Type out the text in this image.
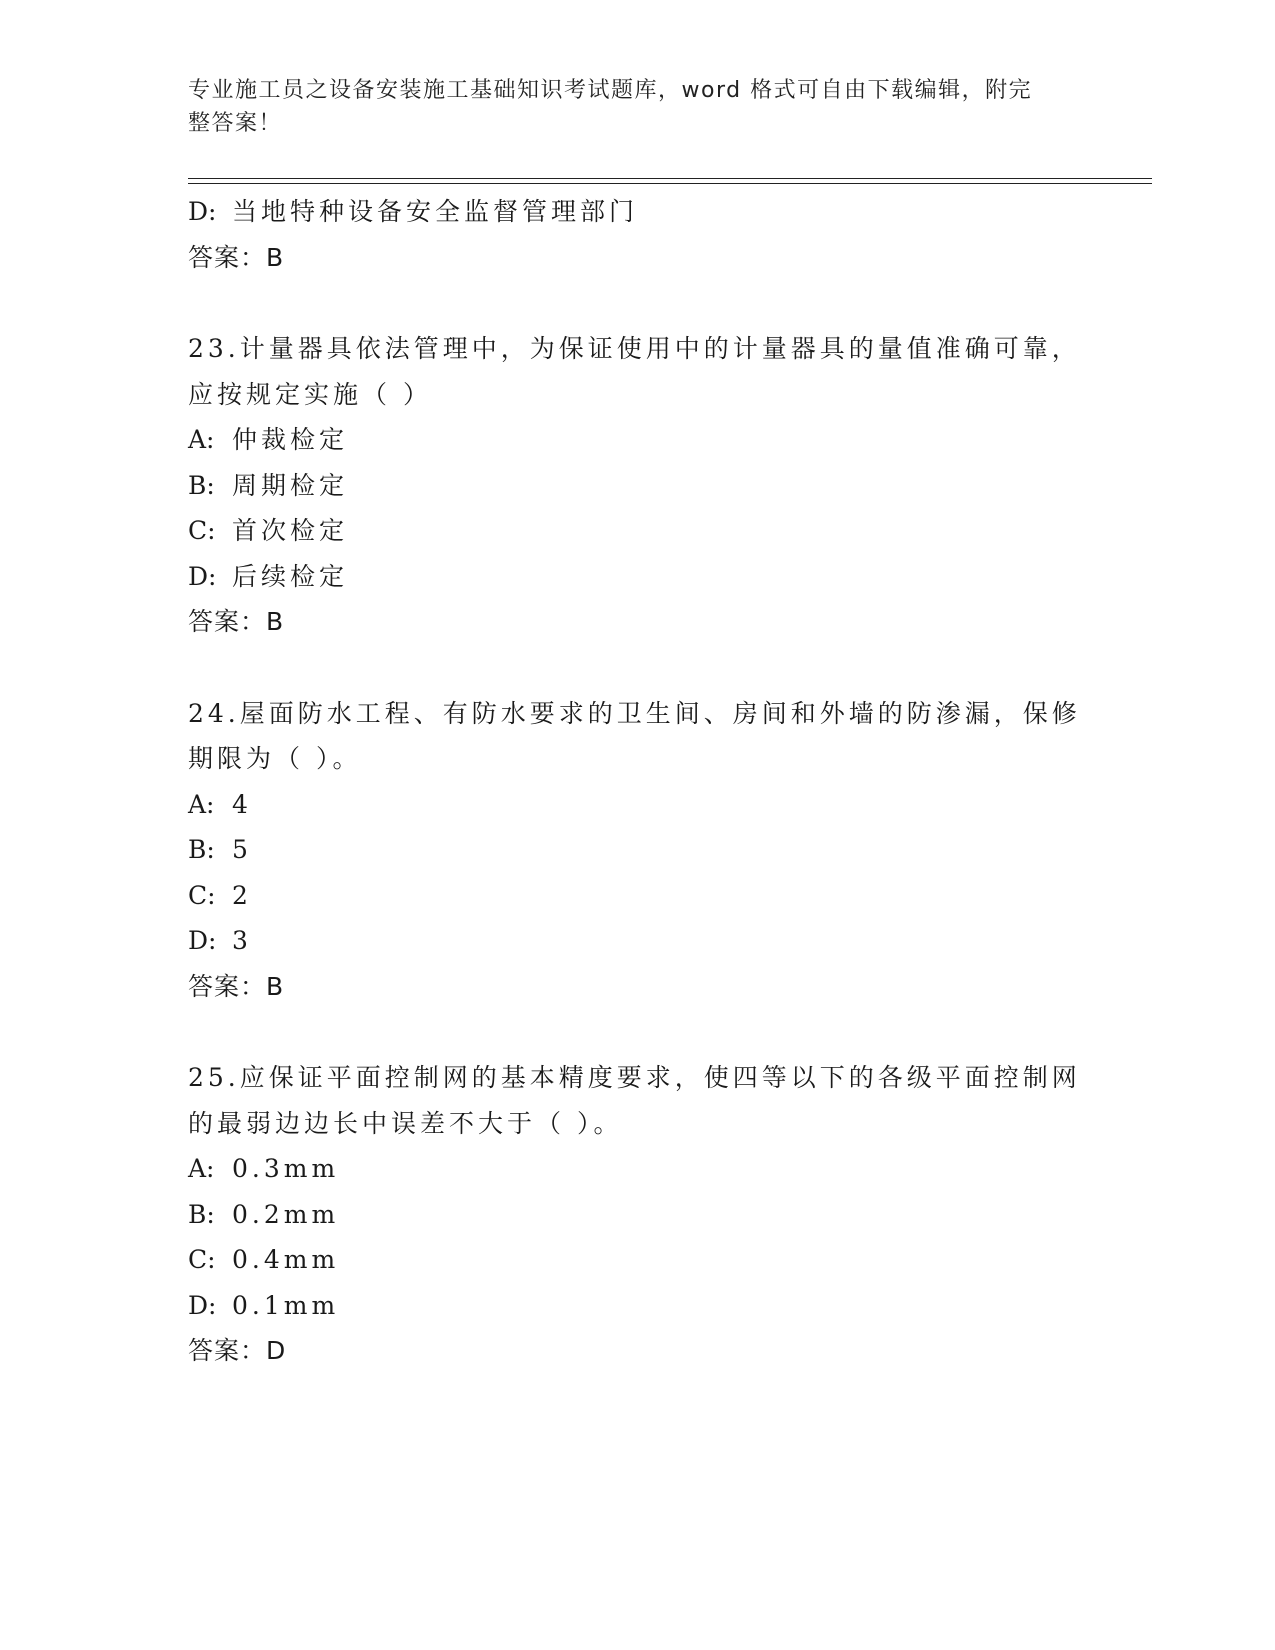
专业施工员之设备安装施工基础知识考试题库，word 格式可自由下载编辑，附完
整答案！
D: 当地特种设备安全监督管理部门
答案：B
23.计量器具依法管理中，为保证使用中的计量器具的量值准确可靠，
应按规定实施（ ）
A: 仲裁检定
B: 周期检定
C: 首次检定
D: 后续检定
答案：B
24.屋面防水工程、有防水要求的卫生间、房间和外墙的防渗漏，保修
期限为（ ）。
A: 4
B: 5
C: 2
D: 3
答案：B
25.应保证平面控制网的基本精度要求，使四等以下的各级平面控制网
的最弱边边长中误差不大于（ ）。
A: 0.3mm
B: 0.2mm
C: 0.4mm
D: 0.1mm
答案：D
